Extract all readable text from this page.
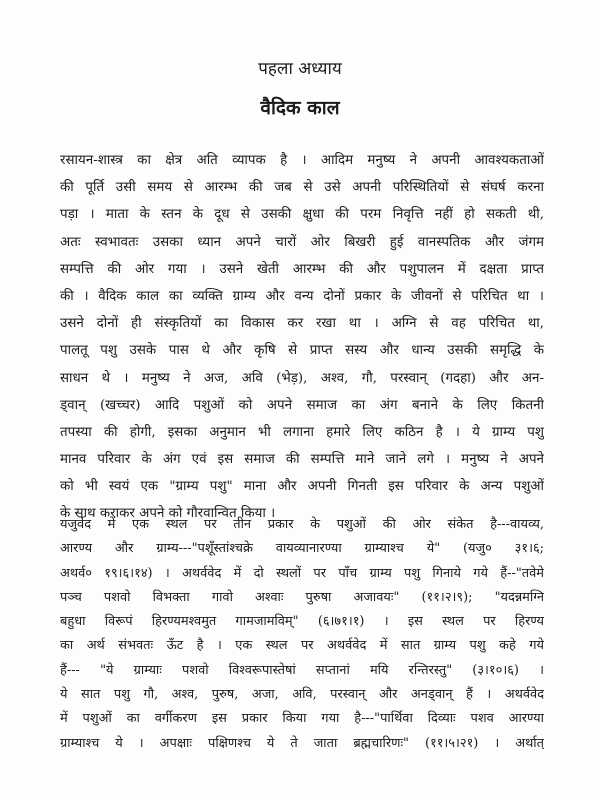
पहला अध्याय
वैदिक काल
रसायन-शास्त्र का क्षेत्र अति व्यापक है । आदिम मनुष्य ने अपनी आवश्यकताओं
की पूर्ति उसी समय से आरम्भ की जब से उसे अपनी परिस्थितियों से संघर्ष करना
पड़ा । माता के स्तन के दूध से उसकी क्षुधा की परम निवृत्ति नहीं हो सकती थी,
अतः स्वभावतः उसका ध्यान अपने चारों ओर बिखरी हुई वानस्पतिक और जंगम
सम्पत्ति की ओर गया । उसने खेती आरम्भ की और पशुपालन में दक्षता प्राप्त
की । वैदिक काल का व्यक्ति ग्राम्य और वन्य दोनों प्रकार के जीवनों से परिचित था ।
उसने दोनों ही संस्कृतियों का विकास कर रखा था । अग्नि से वह परिचित था,
पालतू पशु उसके पास थे और कृषि से प्राप्त सस्य और धान्य उसकी समृद्धि के
साधन थे । मनुष्य ने अज, अवि (भेड़), अश्व, गौ, परस्वान् (गदहा) और अन-
ड्वान् (खच्चर) आदि पशुओं को अपने समाज का अंग बनाने के लिए कितनी
तपस्या की होगी, इसका अनुमान भी लगाना हमारे लिए कठिन है । ये ग्राम्य पशु
मानव परिवार के अंग एवं इस समाज की सम्पत्ति माने जाने लगे । मनुष्य ने अपने
को भी स्वयं एक "ग्राम्य पशु" माना और अपनी गिनती इस परिवार के अन्य पशुओं
के साथ कराकर अपने को गौरवान्वित किया ।
यजुर्वेद में एक स्थल पर तीन प्रकार के पशुओं की ओर संकेत है---वायव्य,
आरण्य और ग्राम्य---"पशूँस्तांश्चक्रे वायव्यानारण्या ग्राम्याश्च ये" (यजु० ३१।६;
अथर्व० १९।६।१४) । अथर्ववेद में दो स्थलों पर पाँच ग्राम्य पशु गिनाये गये हैं--"तवेमे
पञ्च पशवो विभक्ता गावो अश्वाः पुरुषा अजावयः" (११।२।९); "यदन्नमग्नि
बहुधा विरूपं हिरण्यमश्वमुत गामजामविम्" (६।७१।१) । इस स्थल पर हिरण्य
का अर्थ संभवतः ऊँट है । एक स्थल पर अथर्ववेद में सात ग्राम्य पशु कहे गये
हैं--- "ये ग्राम्याः पशवो विश्वरूपास्तेषां सप्तानां मयि रन्तिरस्तु" (३।१०।६) ।
ये सात पशु गौ, अश्व, पुरुष, अजा, अवि, परस्वान् और अनड्वान् हैं । अथर्ववेद
में पशुओं का वर्गीकरण इस प्रकार किया गया है---"पार्थिवा दिव्याः पशव आरण्या
ग्राम्याश्च ये । अपक्षाः पक्षिणश्च ये ते जाता ब्रह्मचारिणः" (११।५।२१) । अर्थात्
